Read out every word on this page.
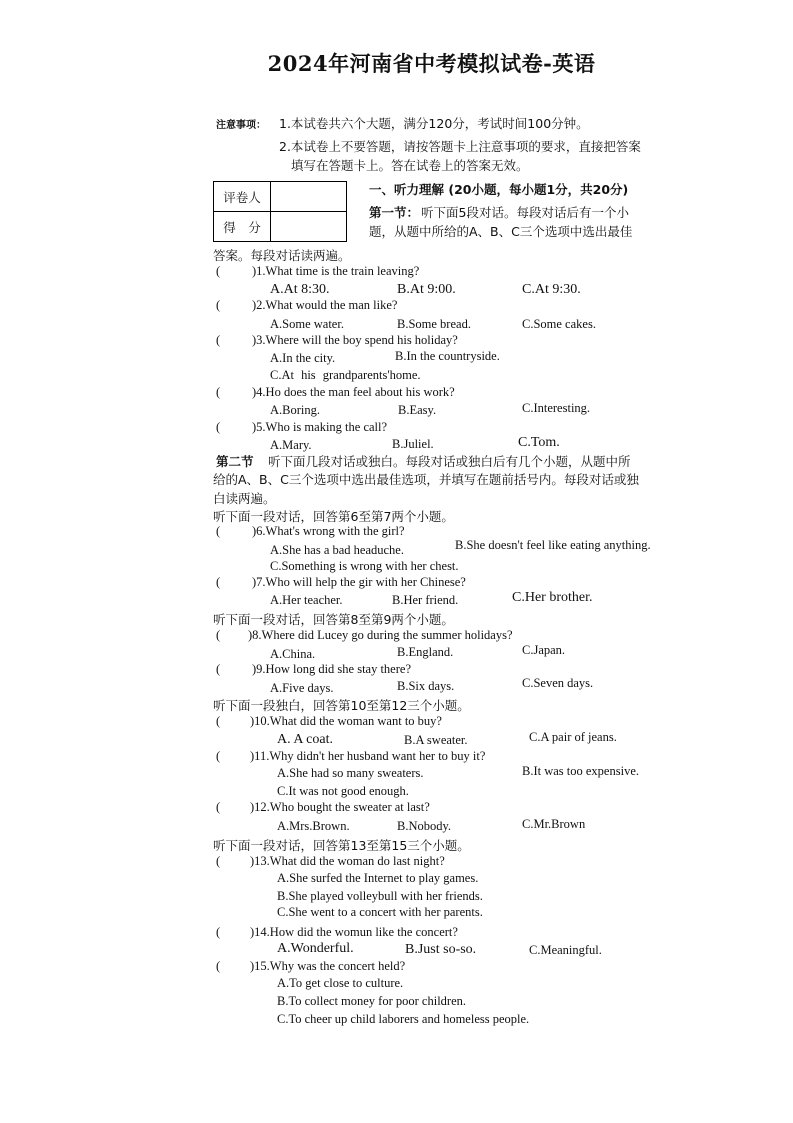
2024年河南省中考模拟试卷-英语
注意事项： 1.本试卷共六个大题，满分120分，考试时间100分钟。
2.本试卷上不要答题，请按答题卡上注意事项的要求，直接把答案
填写在答题卡上。答在试卷上的答案无效。
评卷人	
得　分	
一、听力理解 (20小题，每小题1分，共20分)
第一节： 听下面5段对话。每段对话后有一个小
题，从题中所给的A、B、C三个选项中选出最佳
答案。每段对话读两遍。
(	)1.What time is the train leaving?
A.At 8:30.	B.At 9:00.	C.At 9:30.
(	)2.What would the man like?
A.Some water.	B.Some bread.	C.Some cakes.
(	)3.Where will the boy spend his holiday?
A.In the city.	B.In the countryside.
C.At his grandparents'home.
(	)4.Ho does the man feel about his work?
A.Boring.	B.Easy.	C.Interesting.
(	)5.Who is making the call?
A.Mary.	B.Juliel.	C.Tom.
第二节 听下面几段对话或独白。每段对话或独白后有几个小题，从题中所
给的A、B、C三个选项中选出最佳选项，并填写在题前括号内。每段对话或独
白读两遍。
听下面一段对话，回答第6至第7两个小题。
(	)6.What's wrong with the girl?
A.She has a bad headuche.	B.She doesn't feel like eating anything.
C.Something is wrong with her chest.
(	)7.Who will help the gir with her Chinese?
A.Her teacher.	B.Her friend.	C.Her brother.
听下面一段对话，回答第8至第9两个小题。
( )8.Where did Lucey go during the summer holidays?
A.China.	B.England.	C.Japan.
(	)9.How long did she stay there?
A.Five days.	B.Six days.	C.Seven days.
听下面一段独白，回答第10至第12三个小题。
( )10.What did the woman want to buy?
A. A coat.	B.A sweater.	C.A pair of jeans.
( )11.Why didn't her husband want her to buy it?
A.She had so many sweaters.	B.It was too expensive.
C.It was not good enough.
( )12.Who bought the sweater at last?
A.Mrs.Brown.	B.Nobody.	C.Mr.Brown
听下面一段对话，回答第13至第15三个小题。
( )13.What did the woman do last night?
A.She surfed the Internet to play games.
B.She played volleybull with her friends.
C.She went to a concert with her parents.
( )14.How did the womun like the concert?
A.Wonderful.	B.Just so-so.	C.Meaningful.
( )15.Why was the concert held?
A.To get close to culture.
B.To collect money for poor children.
C.To cheer up child laborers and homeless people.
